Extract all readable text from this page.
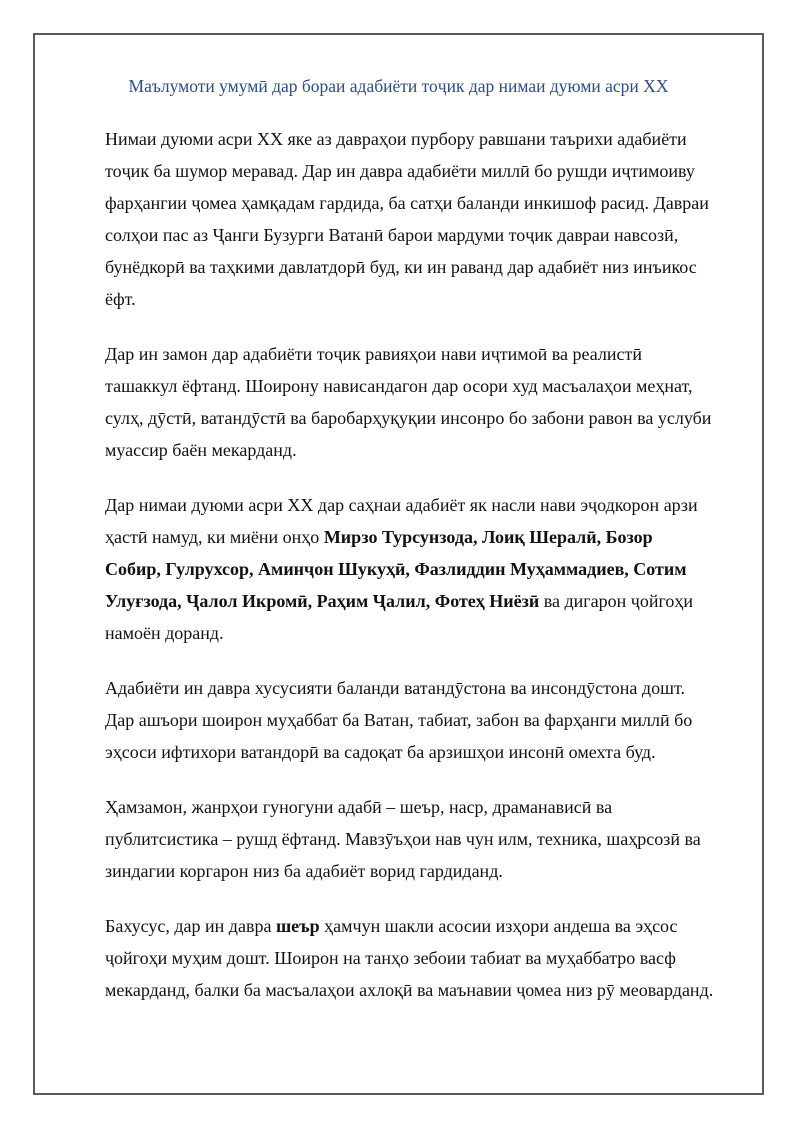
Маълумоти умумӣ дар бораи адабиёти тоҷик дар нимаи дуюми асри XX

Нимаи дуюми асри XX яке аз давраҳои пурбору равшани таърихи адабиёти
тоҷик ба шумор меравад. Дар ин давра адабиёти миллӣ бо рушди иҷтимоиву
фарҳангии ҷомеа ҳамқадам гардида, ба сатҳи баланди инкишоф расид. Давраи
солҳои пас аз Ҷанги Бузурги Ватанӣ барои мардуми тоҷик давраи навсозӣ,
бунёдкорӣ ва таҳкими давлатдорӣ буд, ки ин раванд дар адабиёт низ инъикос
ёфт.

Дар ин замон дар адабиёти тоҷик равияҳои нави иҷтимоӣ ва реалистӣ
ташаккул ёфтанд. Шоирону нависандагон дар осори худ масъалаҳои меҳнат,
сулҳ, дӯстӣ, ватандӯстӣ ва баробарҳуқуқии инсонро бо забони равон ва услуби
муассир баён мекарданд.

Дар нимаи дуюми асри XX дар саҳнаи адабиёт як насли нави эҷодкорон арзи
ҳастӣ намуд, ки миёни онҳо Мирзо Турсунзода, Лоиқ Шералӣ, Бозор
Собир, Гулрухсор, Аминҷон Шукуҳӣ, Фазлиддин Муҳаммадиев, Сотим
Улуғзода, Ҷалол Икромӣ, Раҳим Ҷалил, Фотеҳ Ниёзӣ ва дигарон ҷойгоҳи
намоён доранд.

Адабиёти ин давра хусусияти баланди ватандӯстона ва инсондӯстона дошт.
Дар ашъори шоирон муҳаббат ба Ватан, табиат, забон ва фарҳанги миллӣ бо
эҳсоси ифтихори ватандорӣ ва садоқат ба арзишҳои инсонӣ омехта буд.

Ҳамзамон, жанрҳои гуногуни адабӣ – шеър, наср, драманависӣ ва
публитсистика – рушд ёфтанд. Мавзӯъҳои нав чун илм, техника, шаҳрсозӣ ва
зиндагии коргарон низ ба адабиёт ворид гардиданд.

Бахусус, дар ин давра шеър ҳамчун шакли асосии изҳори андеша ва эҳсос
ҷойгоҳи муҳим дошт. Шоирон на танҳо зебоии табиат ва муҳаббатро васф
мекарданд, балки ба масъалаҳои ахлоқӣ ва маънавии ҷомеа низ рӯ меоварданд.
